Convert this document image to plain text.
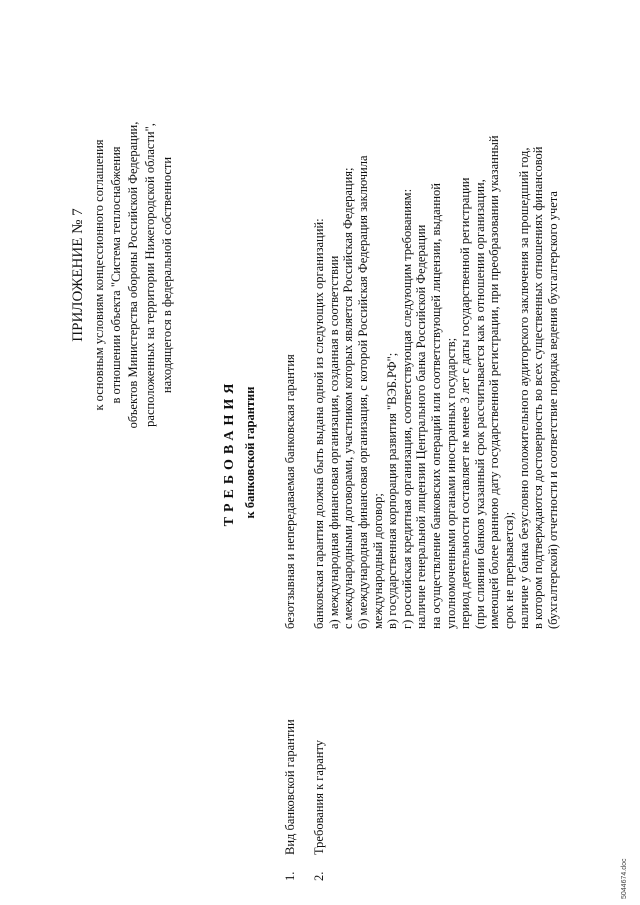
ПРИЛОЖЕНИЕ № 7 к основным условиям концессионного соглашения в отношении объекта "Система теплоснабжения объектов Министерства обороны Российской Федерации, расположенных на территории Нижегородской области", находящегося в федеральной собственности
ТРЕБОВАНИЯ к банковской гарантии
1.
Вид банковской гарантии
2.
Требования к гаранту
безотзывная и непередаваемая банковская гарантия банковская гарантия должна быть выдана одной из следующих организаций: а) международная финансовая организация, созданная в соответствии с международными договорами, участником которых является Российская Федерация; б) международная финансовая организация, с которой Российская Федерация заключила международный договор; в) государственная корпорация развития "ВЭБ.РФ"; г) российская кредитная организация, соответствующая следующим требованиям: наличие генеральной лицензии Центрального банка Российской Федерации на осуществление банковских операций или соответствующей лицензии, выданной уполномоченными органами иностранных государств; период деятельности составляет не менее 3 лет с даты государственной регистрации (при слиянии банков указанный срок рассчитывается как в отношении организации, имеющей более раннюю дату государственной регистрации, при преобразовании указанный срок не прерывается); наличие у банка безусловно положительного аудиторского заключения за прошедший год, в котором подтверждаются достоверность во всех существенных отношениях финансовой (бухгалтерской) отчетности и соответствие порядка ведения бухгалтерского учета
5044674.doc
